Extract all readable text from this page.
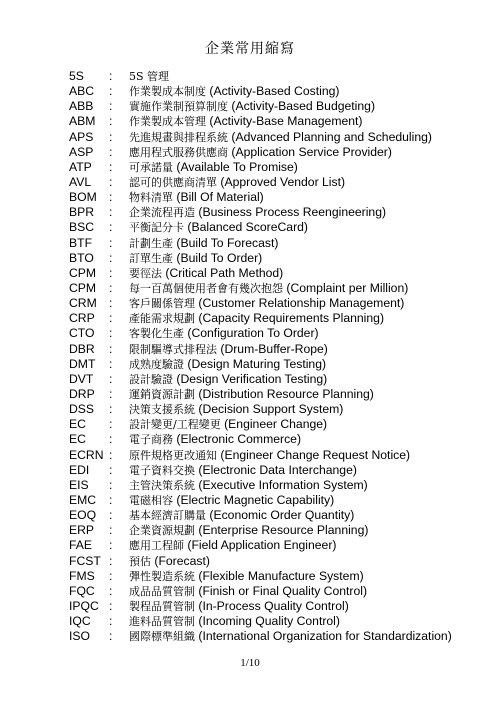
企業常用縮寫
5S	:	5S 管理
ABC	:	作業製成本制度 (Activity-Based Costing)
ABB	:	實施作業制預算制度 (Activity-Based Budgeting)
ABM	:	作業製成本管理 (Activity-Base Management)
APS	:	先進規畫與排程系統 (Advanced Planning and Scheduling)
ASP	:	應用程式服務供應商 (Application Service Provider)
ATP	:	可承諾量 (Available To Promise)
AVL	:	認可的供應商清單 (Approved Vendor List)
BOM	:	物料清單 (Bill Of Material)
BPR	:	企業流程再造 (Business Process Reengineering)
BSC	:	平衡記分卡 (Balanced ScoreCard)
BTF	:	計劃生產 (Build To Forecast)
BTO	:	訂單生產 (Build To Order)
CPM	:	要徑法 (Critical Path Method)
CPM	:	每一百萬個使用者會有幾次抱怨 (Complaint per Million)
CRM	:	客戶關係管理 (Customer Relationship Management)
CRP	:	產能需求規劃 (Capacity Requirements Planning)
CTO	:	客製化生產 (Configuration To Order)
DBR	:	限制驅導式排程法 (Drum-Buffer-Rope)
DMT	:	成熟度驗證 (Design Maturing Testing)
DVT	:	設計驗證 (Design Verification Testing)
DRP	:	運銷資源計劃 (Distribution Resource Planning)
DSS	:	決策支援系統 (Decision Support System)
EC	:	設計變更/工程變更 (Engineer Change)
EC	:	電子商務 (Electronic Commerce)
ECRN :	原件規格更改通知 (Engineer Change Request Notice)
EDI	:	電子資料交換 (Electronic Data Interchange)
EIS	:	主管決策系統 (Executive Information System)
EMC	:	電磁相容 (Electric Magnetic Capability)
EOQ	:	基本經濟訂購量 (Economic Order Quantity)
ERP	:	企業資源規劃 (Enterprise Resource Planning)
FAE	:	應用工程師 (Field Application Engineer)
FCST :	預估 (Forecast)
FMS	:	彈性製造系統 (Flexible Manufacture System)
FQC	:	成品品質管制 (Finish or Final Quality Control)
IPQC :	製程品質管制 (In-Process Quality Control)
IQC	:	進料品質管制 (Incoming Quality Control)
ISO	:	國際標準組織 (International Organization for Standardization)
1/10
